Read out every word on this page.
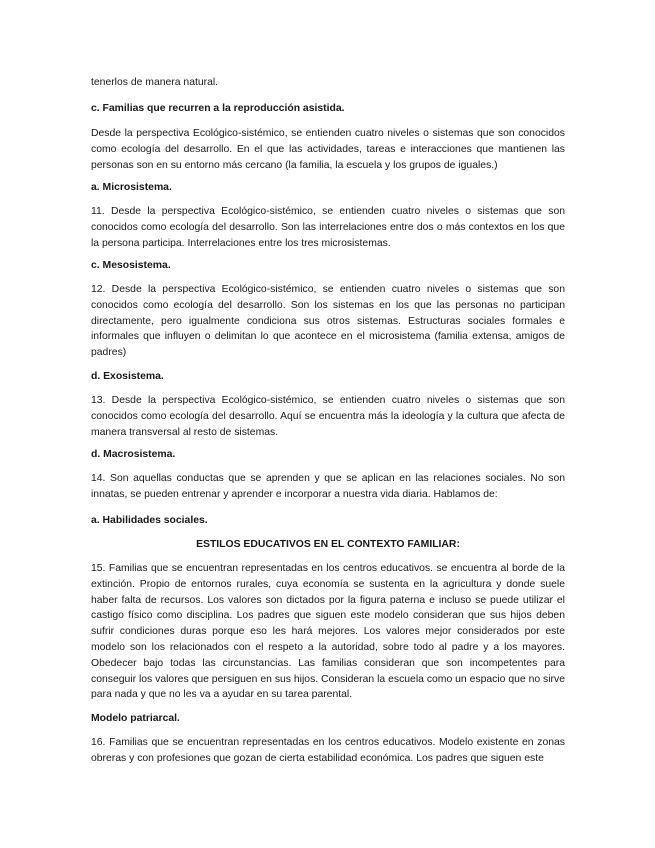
tenerlos de manera natural.

c. Familias que recurren a la reproducción asistida.

Desde la perspectiva Ecológico-sistémico, se entienden cuatro niveles o sistemas que son conocidos como ecología del desarrollo. En el que las actividades, tareas e interacciones que mantienen las personas son en su entorno más cercano (la familia, la escuela y los grupos de iguales.)

a. Microsistema.

11. Desde la perspectiva Ecológico-sistémico, se entienden cuatro niveles o sistemas que son conocidos como ecología del desarrollo. Son las interrelaciones entre dos o más contextos en los que la persona participa. Interrelaciones entre los tres microsistemas.

c. Mesosistema.

12. Desde la perspectiva Ecológico-sistémico, se entienden cuatro niveles o sistemas que son conocidos como ecología del desarrollo. Son los sistemas en los que las personas no participan directamente, pero igualmente condiciona sus otros sistemas. Estructuras sociales formales e informales que influyen o delimitan lo que acontece en el microsistema (familia extensa, amigos de padres)

d. Exosistema.

13. Desde la perspectiva Ecológico-sistémico, se entienden cuatro niveles o sistemas que son conocidos como ecología del desarrollo. Aquí se encuentra más la ideología y la cultura que afecta de manera transversal al resto de sistemas.

d. Macrosistema.

14. Son aquellas conductas que se aprenden y que se aplican en las relaciones sociales. No son innatas, se pueden entrenar y aprender e incorporar a nuestra vida diaria. Hablamos de:

a. Habilidades sociales.

ESTILOS EDUCATIVOS EN EL CONTEXTO FAMILIAR:

15. Familias que se encuentran representadas en los centros educativos. se encuentra al borde de la extinción. Propio de entornos rurales, cuya economía se sustenta en la agricultura y donde suele haber falta de recursos. Los valores son dictados por la figura paterna e incluso se puede utilizar el castigo físico como disciplina. Los padres que siguen este modelo consideran que sus hijos deben sufrir condiciones duras porque eso les hará mejores. Los valores mejor considerados por este modelo son los relacionados con el respeto a la autoridad, sobre todo al padre y a los mayores. Obedecer bajo todas las circunstancias. Las familias consideran que son incompetentes para conseguir los valores que persiguen en sus hijos. Consideran la escuela como un espacio que no sirve para nada y que no les va a ayudar en su tarea parental.

Modelo patriarcal.

16. Familias que se encuentran representadas en los centros educativos. Modelo existente en zonas obreras y con profesiones que gozan de cierta estabilidad económica. Los padres que siguen este
